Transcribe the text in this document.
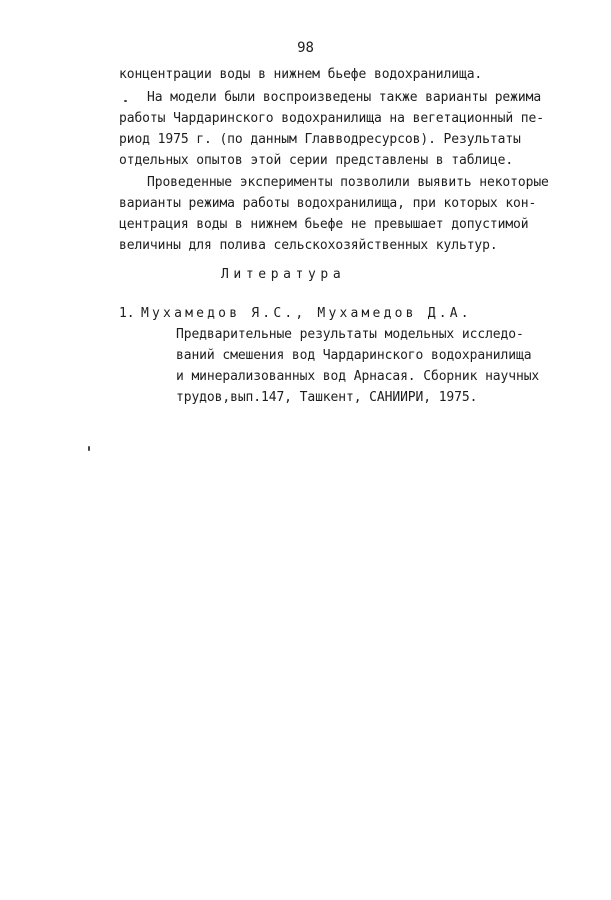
98
концентрации воды в нижнем бьефе водохранилища.
На модели были воспроизведены также варианты режима
работы Чардаринского водохранилища на вегетационный пе-
риод 1975 г. (по данным Главводресурсов). Результаты
отдельных опытов этой серии представлены в таблице.
Проведенные эксперименты позволили выявить некоторые
варианты режима работы водохранилища, при которых кон-
центрация воды в нижнем бьефе не превышает допустимой
величины для полива сельскохозяйственных культур.
Литература
1. Мухамедов Я.С., Мухамедов Д.А.
Предварительные результаты модельных исследо-
ваний смешения вод Чардаринского водохранилища
и минерализованных вод Арнасая. Сборник научных
трудов,вып.147, Ташкент, САНИИРИ, 1975.
